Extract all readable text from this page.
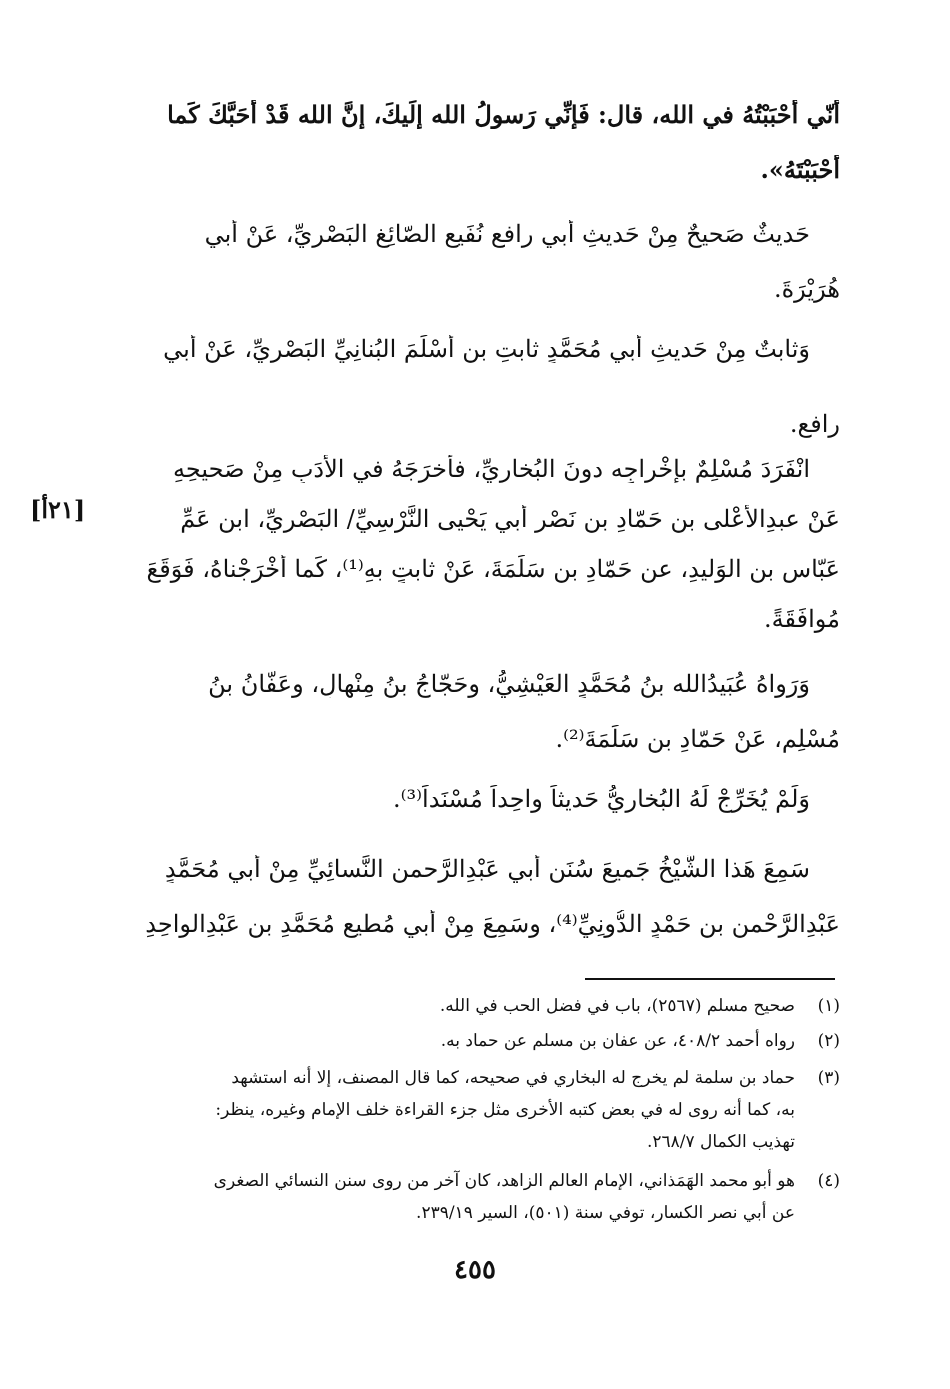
أنّي أَحْبَبْتُهُ في الله، قال: فَإِنِّي رَسولُ الله إِلَيكَ، إنَّ الله قَدْ أَحَبَّكَ كَما
أَحْبَبْتَهُ».
حَديثٌ صَحيحٌ مِنْ حَديثِ أبي رافعٍ نُفَيعٍ الصّائِغِ البَصْرِيِّ، عَنْ أبي
هُرَيْرَةَ.
وَثابتٌ مِنْ حَديثِ أبي مُحَمَّدٍ ثابتِ بنِ أَسْلَمَ البُنانِيِّ البَصْرِيِّ، عَنْ أبي
رافعٍ.
انْفَرَدَ مُسْلِمٌ بإخْراجِه دونَ البُخارِيِّ، فأَخرَجَهُ في الأَدَبِ مِنْ صَحيحِهِ
عَنْ عبدِالأَعْلى بنِ حَمّادِ بنِ نَصْرٍ أبي يَحْيى النَّرْسِيِّ/ البَصْرِيِّ، ابنِ عَمِّ
عَبّاسِ بنِ الوَليدِ، عن حَمّادِ بنِ سَلَمَةَ، عَنْ ثابتٍ بهِ⁽¹⁾، كَما أَخْرَجْناهُ، فَوَقَعَ
مُوافَقَةً.
وَرَواهُ عُبَيدُالله بنُ مُحَمَّدٍ العَيْشِيُّ، وحَجّاجُ بنُ مِنْهالٍ، وعَفّانُ بنُ
مُسْلِمٍ، عَنْ حَمّادِ بنِ سَلَمَةَ⁽²⁾.
وَلَمْ يُخَرِّجْ لَهُ البُخارِيُّ حَديثاً واحِداً مُسْنَداً⁽³⁾.
سَمِعَ هَذا الشَّيْخُ جَميعَ سُنَنِ أبي عَبْدِالرَّحمنِ النَّسائِيِّ مِنْ أبي مُحَمَّدٍ
عَبْدِالرَّحْمنِ بنِ حَمْدٍ الدُّونِيِّ⁽⁴⁾، وسَمِعَ مِنْ أبي مُطيعٍ مُحَمَّدِ بنِ عَبْدِالواحِدِ
[٢١أ]
(١)
صحيح مسلم (٢٥٦٧)، باب في فضل الحب في الله.
(٢)
رواه أحمد ٤٠٨/٢، عن عفان بن مسلم عن حماد به.
(٣)
حماد بن سلمة لم يخرج له البخاري في صحيحه، كما قال المصنف، إلا أنه استشهد
به، كما أنه روى له في بعض كتبه الأخرى مثل جزء القراءة خلف الإمام وغيره، ينظر:
تهذيب الكمال ٢٦٨/٧.
(٤)
هو أبو محمد الهَمَذاني، الإمام العالم الزاهد، كان آخر من روى سنن النسائي الصغرى
عن أبي نصر الكسار، توفي سنة (٥٠١)، السير ٢٣٩/١٩.
٤٥٥
